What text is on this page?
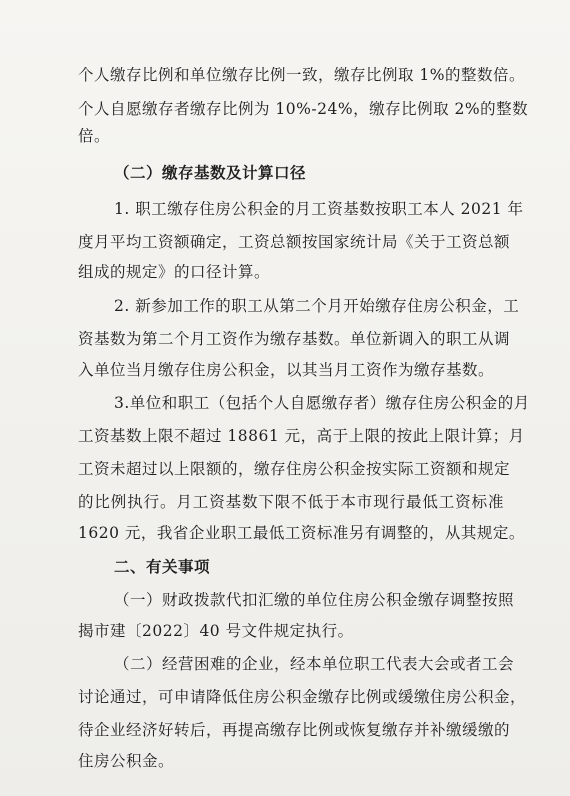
个人缴存比例和单位缴存比例一致，缴存比例取 1%的整数倍。
个人自愿缴存者缴存比例为 10%-24%，缴存比例取 2%的整数
倍。
（二）缴存基数及计算口径
1. 职工缴存住房公积金的月工资基数按职工本人 2021 年
度月平均工资额确定，工资总额按国家统计局《关于工资总额
组成的规定》的口径计算。
2. 新参加工作的职工从第二个月开始缴存住房公积金，工
资基数为第二个月工资作为缴存基数。单位新调入的职工从调
入单位当月缴存住房公积金，以其当月工资作为缴存基数。
3.单位和职工（包括个人自愿缴存者）缴存住房公积金的月
工资基数上限不超过 18861 元，高于上限的按此上限计算；月
工资未超过以上限额的，缴存住房公积金按实际工资额和规定
的比例执行。月工资基数下限不低于本市现行最低工资标准
1620 元，我省企业职工最低工资标准另有调整的，从其规定。
二、有关事项
（一）财政拨款代扣汇缴的单位住房公积金缴存调整按照
揭市建〔2022〕40 号文件规定执行。
（二）经营困难的企业，经本单位职工代表大会或者工会
讨论通过，可申请降低住房公积金缴存比例或缓缴住房公积金，
待企业经济好转后，再提高缴存比例或恢复缴存并补缴缓缴的
住房公积金。
